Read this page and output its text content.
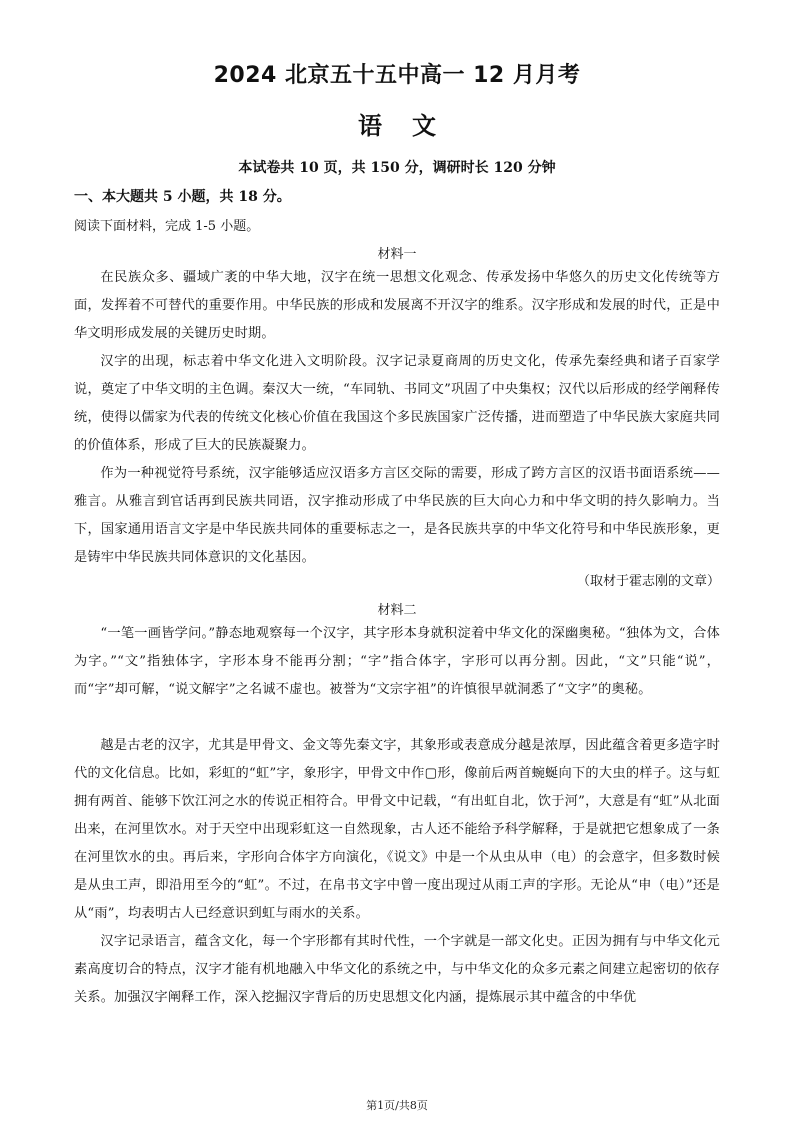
2024 北京五十五中高一 12 月月考
语文
本试卷共 10 页，共 150 分，调研时长 120 分钟
一、本大题共 5 小题，共 18 分。
阅读下面材料，完成 1-5 小题。
材料一
在民族众多、疆域广袤的中华大地，汉字在统一思想文化观念、传承发扬中华悠久的历史文化传统等方面，发挥着不可替代的重要作用。中华民族的形成和发展离不开汉字的维系。汉字形成和发展的时代，正是中华文明形成发展的关键历史时期。
汉字的出现，标志着中华文化进入文明阶段。汉字记录夏商周的历史文化，传承先秦经典和诸子百家学说，奠定了中华文明的主色调。秦汉大一统，“车同轨、书同文”巩固了中央集权；汉代以后形成的经学阐释传统，使得以儒家为代表的传统文化核心价值在我国这个多民族国家广泛传播，进而塑造了中华民族大家庭共同的价值体系，形成了巨大的民族凝聚力。
作为一种视觉符号系统，汉字能够适应汉语多方言区交际的需要，形成了跨方言区的汉语书面语系统——雅言。从雅言到官话再到民族共同语，汉字推动形成了中华民族的巨大向心力和中华文明的持久影响力。当下，国家通用语言文字是中华民族共同体的重要标志之一，是各民族共享的中华文化符号和中华民族形象，更是铸牢中华民族共同体意识的文化基因。
（取材于霍志刚的文章）
材料二
“一笔一画皆学问。”静态地观察每一个汉字，其字形本身就积淀着中华文化的深幽奥秘。“独体为文，合体为字。”“文”指独体字，字形本身不能再分割；“字”指合体字，字形可以再分割。因此，“文”只能“说”，而“字”却可解，“说文解字”之名诚不虚也。被誉为“文宗字祖”的许慎很早就洞悉了“文字”的奥秘。
越是古老的汉字，尤其是甲骨文、金文等先秦文字，其象形或表意成分越是浓厚，因此蕴含着更多造字时代的文化信息。比如，彩虹的“虹”字，象形字，甲骨文中作▢形，像前后两首蜿蜒向下的大虫的样子。这与虹拥有两首、能够下饮江河之水的传说正相符合。甲骨文中记载，“有出虹自北，饮于河”，大意是有“虹”从北面出来，在河里饮水。对于天空中出现彩虹这一自然现象，古人还不能给予科学解释，于是就把它想象成了一条在河里饮水的虫。再后来，字形向合体字方向演化，《说文》中是一个从虫从申（电）的会意字，但多数时候是从虫工声，即沿用至今的“虹”。不过，在帛书文字中曾一度出现过从雨工声的字形。无论从“申（电）”还是从“雨”，均表明古人已经意识到虹与雨水的关系。
汉字记录语言，蕴含文化，每一个字形都有其时代性，一个字就是一部文化史。正因为拥有与中华文化元素高度切合的特点，汉字才能有机地融入中华文化的系统之中，与中华文化的众多元素之间建立起密切的依存关系。加强汉字阐释工作，深入挖掘汉字背后的历史思想文化内涵，提炼展示其中蕴含的中华优
第1页/共8页
